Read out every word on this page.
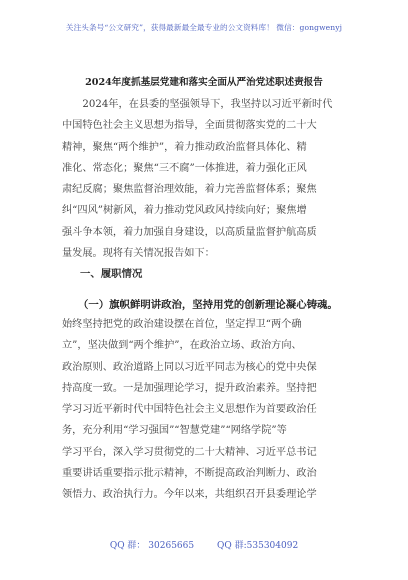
关注头条号“公文研究”，获得最新最全最专业的公文资料库！ 微信：gongwenyj
2024年度抓基层党建和落实全面从严治党述职述责报告
　　2024年，在县委的坚强领导下，我坚持以习近平新时代
中国特色社会主义思想为指导，全面贯彻落实党的二十大
精神，聚焦“两个维护”，着力推动政治监督具体化、精
准化、常态化；聚焦“三不腐”一体推进，着力强化正风
肃纪反腐；聚焦监督治理效能，着力完善监督体系；聚焦
纠“四风”树新风，着力推动党风政风持续向好；聚焦增
强斗争本领，着力加强自身建设，以高质量监督护航高质
量发展。现将有关情况报告如下：
一、履职情况
（一）旗帜鲜明讲政治，坚持用党的创新理论凝心铸魂。
始终坚持把党的政治建设摆在首位，坚定捍卫“两个确
立”，坚决做到“两个维护”，在政治立场、政治方向、
政治原则、政治道路上同以习近平同志为核心的党中央保
持高度一致。一是加强理论学习，提升政治素养。坚持把
学习习近平新时代中国特色社会主义思想作为首要政治任
务，充分利用“学习强国”“智慧党建”“网络学院”等
学习平台，深入学习贯彻党的二十大精神、习近平总书记
重要讲话重要指示批示精神，不断提高政治判断力、政治
领悟力、政治执行力。今年以来，共组织召开县委理论学
QQ 群： 30265665	QQ 群:535304092
